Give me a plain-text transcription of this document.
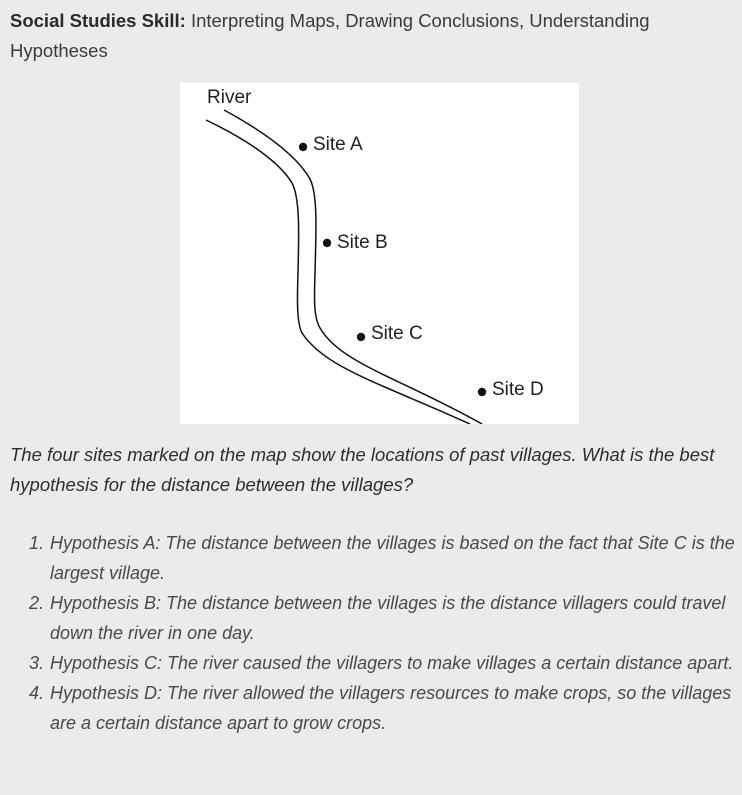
Social Studies Skill: Interpreting Maps, Drawing Conclusions, Understanding Hypotheses
River
Site A
Site B
Site C
Site D
The four sites marked on the map show the locations of past villages. What is the best hypothesis for the distance between the villages?
1. Hypothesis A: The distance between the villages is based on the fact that Site C is the largest village.
2. Hypothesis B: The distance between the villages is the distance villagers could travel down the river in one day.
3. Hypothesis C: The river caused the villagers to make villages a certain distance apart.
4. Hypothesis D: The river allowed the villagers resources to make crops, so the villages are a certain distance apart to grow crops.
